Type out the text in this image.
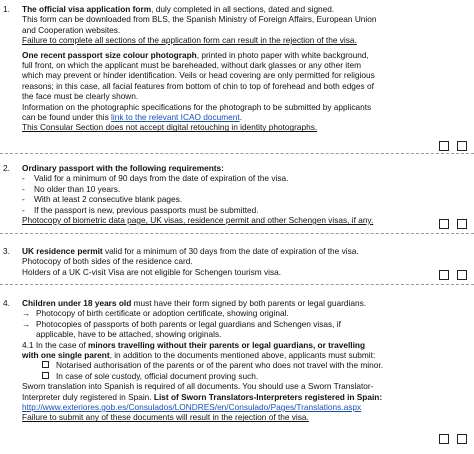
1. The official visa application form, duly completed in all sections, dated and signed.
This form can be downloaded from BLS, the Spanish Ministry of Foreign Affairs, European Union
and Cooperation websites.
Failure to complete all sections of the application form can result in the rejection of the visa.
One recent passport size colour photograph, printed in photo paper with white background,
full front, on which the applicant must be bareheaded, without dark glasses or any other item
which may prevent or hinder identification. Veils or head covering are only permitted for religious
reasons; in this case, all facial features from bottom of chin to top of forehead and both edges of
the face must be clearly shown.
Information on the photographic specifications for the photograph to be submitted by applicants
can be found under this link to the relevant ICAO document.
This Consular Section does not accept digital retouching in identity photographs.
2. Ordinary passport with the following requirements:
- Valid for a minimum of 90 days from the date of expiration of the visa.
- No older than 10 years.
- With at least 2 consecutive blank pages.
- If the passport is new, previous passports must be submitted.
Photocopy of biometric data page, UK visas, residence permit and other Schengen visas, if any.
3. UK residence permit valid for a minimum of 30 days from the date of expiration of the visa.
Photocopy of both sides of the residence card.
Holders of a UK C-visit Visa are not eligible for Schengen tourism visa.
4. Children under 18 years old must have their form signed by both parents or legal guardians.
→ Photocopy of birth certificate or adoption certificate, showing original.
→ Photocopies of passports of both parents or legal guardians and Schengen visas, if
applicable, have to be attached, showing originals.
4.1 In the case of minors travelling without their parents or legal guardians, or travelling
with one single parent, in addition to the documents mentioned above, applicants must submit:
Notarised authorisation of the parents or of the parent who does not travel with the minor.
In case of sole custody, official document proving such.
Sworn translation into Spanish is required of all documents. You should use a Sworn Translator-
Interpreter duly registered in Spain. List of Sworn Translators-Interpreters registered in Spain:
http://www.exteriores.gob.es/Consulados/LONDRES/en/Consulado/Pages/Translations.aspx
Failure to submit any of these documents will result in the rejection of the visa.
